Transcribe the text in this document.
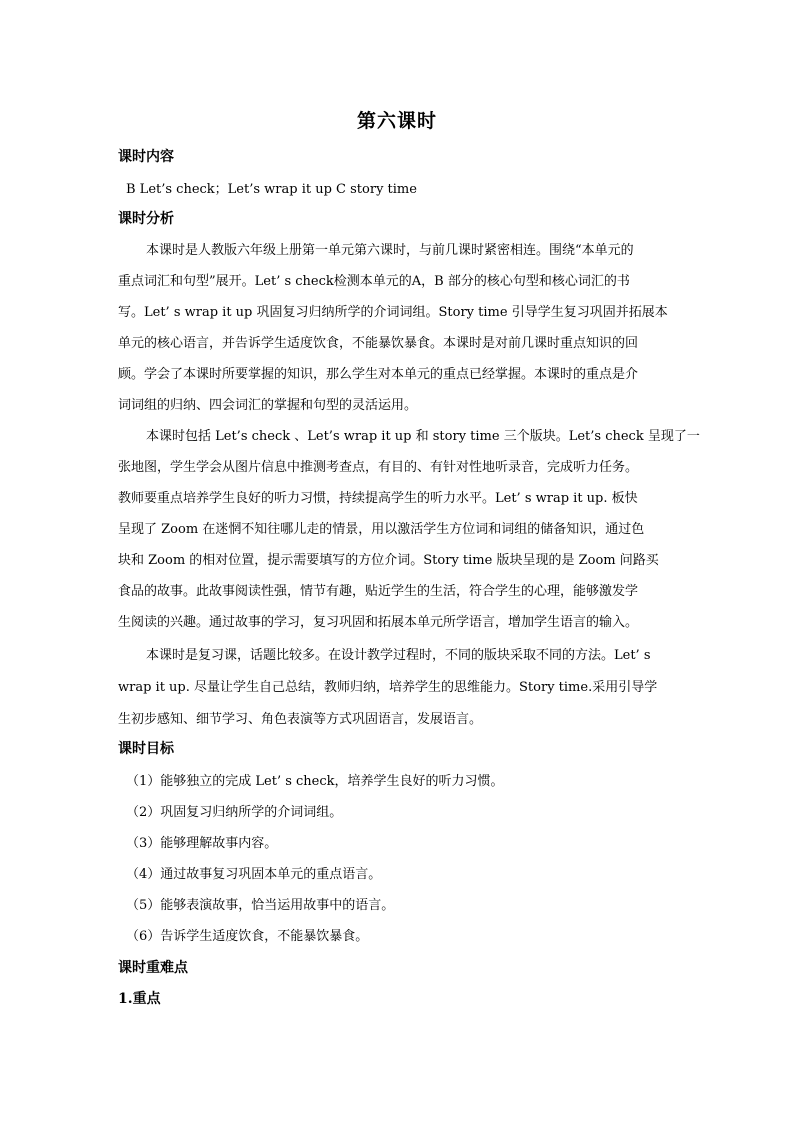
第六课时
课时内容
B Let’s check；Let’s wrap it up C story time
课时分析
本课时是人教版六年级上册第一单元第六课时，与前几课时紧密相连。围绕“本单元的
重点词汇和句型”展开。Let’ s check检测本单元的A，B 部分的核心句型和核心词汇的书
写。Let’ s wrap it up 巩固复习归纳所学的介词词组。Story time 引导学生复习巩固并拓展本
单元的核心语言，并告诉学生适度饮食，不能暴饮暴食。本课时是对前几课时重点知识的回
顾。学会了本课时所要掌握的知识，那么学生对本单元的重点已经掌握。本课时的重点是介
词词组的归纳、四会词汇的掌握和句型的灵活运用。
本课时包括 Let’s check 、Let’s wrap it up 和 story time 三个版块。Let’s check 呈现了一
张地图，学生学会从图片信息中推测考查点，有目的、有针对性地听录音，完成听力任务。
教师要重点培养学生良好的听力习惯，持续提高学生的听力水平。Let’ s wrap it up. 板快
呈现了 Zoom 在迷惘不知往哪儿走的情景，用以激活学生方位词和词组的储备知识，通过色
块和 Zoom 的相对位置，提示需要填写的方位介词。Story time 版块呈现的是 Zoom 问路买
食品的故事。此故事阅读性强，情节有趣，贴近学生的生活，符合学生的心理，能够激发学
生阅读的兴趣。通过故事的学习，复习巩固和拓展本单元所学语言，增加学生语言的输入。
本课时是复习课，话题比较多。在设计教学过程时，不同的版块采取不同的方法。Let’ s
wrap it up. 尽量让学生自己总结，教师归纳，培养学生的思维能力。Story time.采用引导学
生初步感知、细节学习、角色表演等方式巩固语言，发展语言。
课时目标
（1）能够独立的完成 Let’ s check，培养学生良好的听力习惯。
（2）巩固复习归纳所学的介词词组。
（3）能够理解故事内容。
（4）通过故事复习巩固本单元的重点语言。
（5）能够表演故事，恰当运用故事中的语言。
（6）告诉学生适度饮食，不能暴饮暴食。
课时重难点
1.重点
